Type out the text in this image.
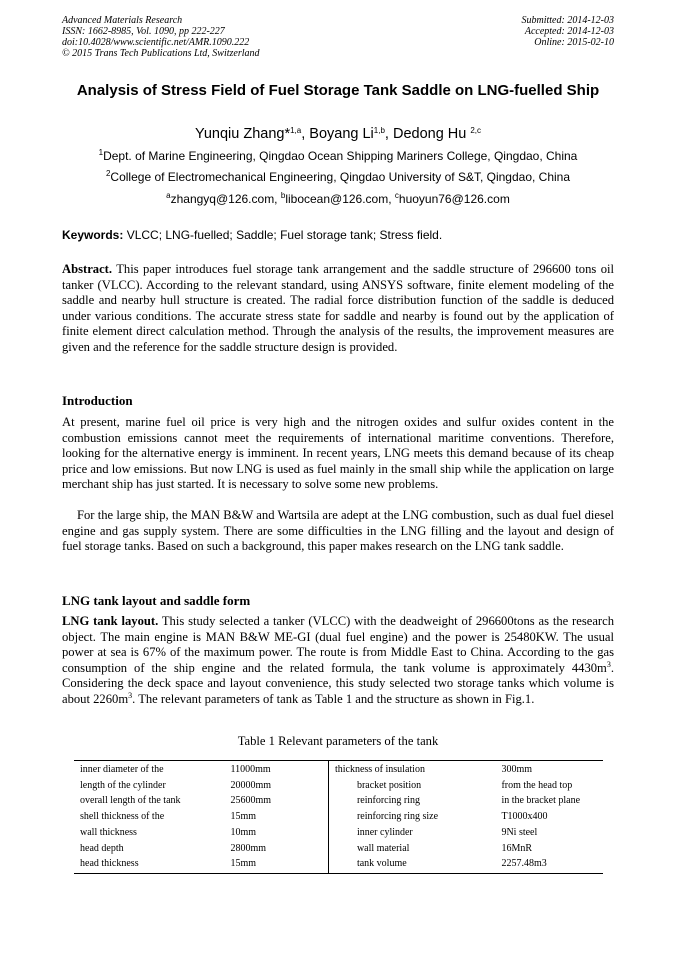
Advanced Materials Research
ISSN: 1662-8985, Vol. 1090, pp 222-227
doi:10.4028/www.scientific.net/AMR.1090.222
© 2015 Trans Tech Publications Ltd, Switzerland
Submitted: 2014-12-03
Accepted: 2014-12-03
Online: 2015-02-10
Analysis of Stress Field of Fuel Storage Tank Saddle on LNG-fuelled Ship
Yunqiu Zhang*$^{1,a}$, Boyang Li$^{1,b}$, Dedong Hu $^{2,c}$
$^1$Dept. of Marine Engineering, Qingdao Ocean Shipping Mariners College, Qingdao, China
$^2$College of Electromechanical Engineering, Qingdao University of S&T, Qingdao, China
$^a$zhangyq@126.com, $^b$libocean@126.com, $^c$huoyun76@126.com
Keywords: VLCC; LNG-fuelled; Saddle; Fuel storage tank; Stress field.
Abstract. This paper introduces fuel storage tank arrangement and the saddle structure of 296600 tons oil tanker (VLCC). According to the relevant standard, using ANSYS software, finite element modeling of the saddle and nearby hull structure is created. The radial force distribution function of the saddle is deduced under various conditions. The accurate stress state for saddle and nearby is found out by the application of finite element direct calculation method. Through the analysis of the results, the improvement measures are given and the reference for the saddle structure design is provided.
Introduction
At present, marine fuel oil price is very high and the nitrogen oxides and sulfur oxides content in the combustion emissions cannot meet the requirements of international maritime conventions. Therefore, looking for the alternative energy is imminent. In recent years, LNG meets this demand because of its cheap price and low emissions. But now LNG is used as fuel mainly in the small ship while the application on large merchant ship has just started. It is necessary to solve some new problems.
For the large ship, the MAN B&W and Wartsila are adept at the LNG combustion, such as dual fuel diesel engine and gas supply system. There are some difficulties in the LNG filling and the layout and design of fuel storage tanks. Based on such a background, this paper makes research on the LNG tank saddle.
LNG tank layout and saddle form
LNG tank layout. This study selected a tanker (VLCC) with the deadweight of 296600tons as the research object. The main engine is MAN B&W ME-GI (dual fuel engine) and the power is 25480KW. The usual power at sea is 67% of the maximum power. The route is from Middle East to China. According to the gas consumption of the ship engine and the related formula, the tank volume is approximately $4430m^3$. Considering the deck space and layout convenience, this study selected two storage tanks which volume is about $2260m^3$. The relevant parameters of tank as Table 1 and the structure as shown in Fig.1.
Table 1 Relevant parameters of the tank
inner diameter of the	11000mm	thickness of insulation	300mm
length of the cylinder	20000mm	bracket position	from the head top
overall length of the tank	25600mm	reinforcing ring	in the bracket plane
shell thickness of the	15mm	reinforcing ring size	T1000x400
wall thickness	10mm	inner cylinder	9Ni steel
head depth	2800mm	wall material	16MnR
head thickness	15mm	tank volume	2257.48m3
